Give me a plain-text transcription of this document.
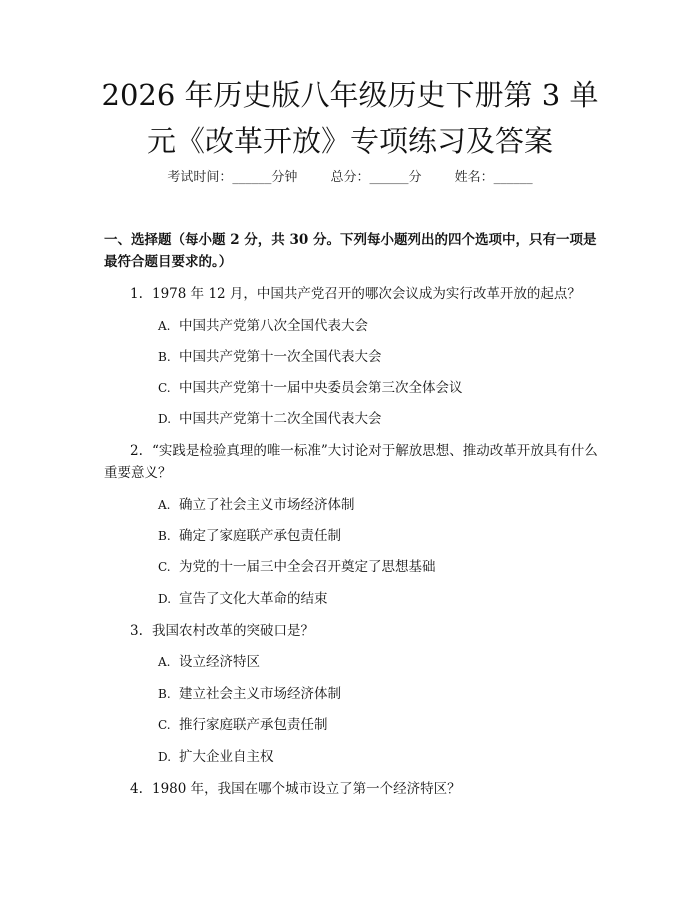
2026 年历史版八年级历史下册第 3 单元《改革开放》专项练习及答案
考试时间：______分钟	总分：______分	姓名：______

一、选择题（每小题 2 分，共 30 分。下列每小题列出的四个选项中，只有一项是最符合题目要求的。）

1. 1978 年 12 月，中国共产党召开的哪次会议成为实行改革开放的起点？

A. 中国共产党第八次全国代表大会

B. 中国共产党第十一次全国代表大会

C. 中国共产党第十一届中央委员会第三次全体会议

D. 中国共产党第十二次全国代表大会

2. “实践是检验真理的唯一标准”大讨论对于解放思想、推动改革开放具有什么重要意义？

A. 确立了社会主义市场经济体制

B. 确定了家庭联产承包责任制

C. 为党的十一届三中全会召开奠定了思想基础

D. 宣告了文化大革命的结束

3. 我国农村改革的突破口是？

A. 设立经济特区

B. 建立社会主义市场经济体制

C. 推行家庭联产承包责任制

D. 扩大企业自主权

4. 1980 年，我国在哪个城市设立了第一个经济特区？
